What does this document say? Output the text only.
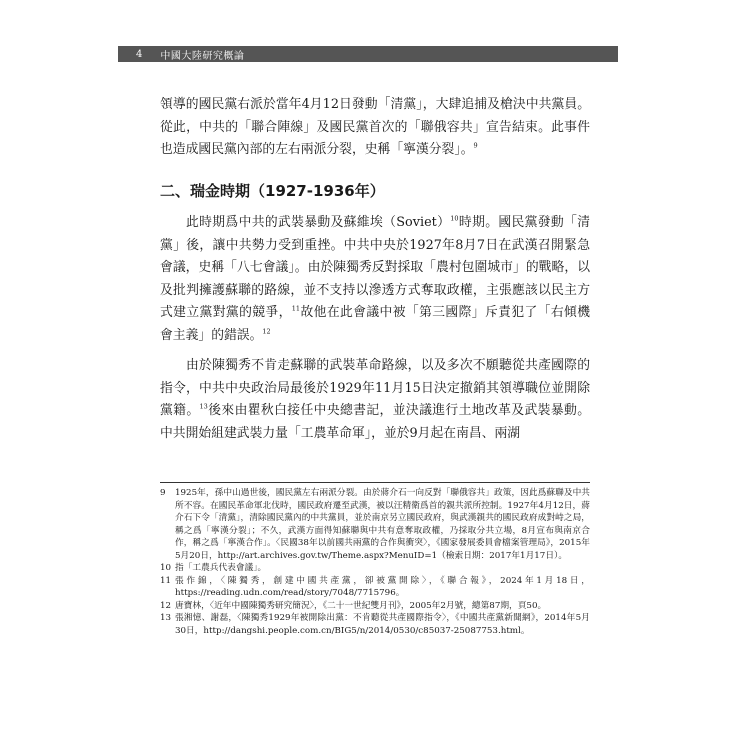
4 中國大陸研究概論

領導的國民黨右派於當年4月12日發動「清黨」，大肆追捕及槍決中共黨員。從此，中共的「聯合陣線」及國民黨首次的「聯俄容共」宣告結束。此事件也造成國民黨內部的左右兩派分裂，史稱「寧漢分裂」。$^9$

二、瑞金時期（1927-1936年）

此時期爲中共的武裝暴動及蘇維埃（Soviet）$^{10}$時期。國民黨發動「清黨」後，讓中共勢力受到重挫。中共中央於1927年8月7日在武漢召開緊急會議，史稱「八七會議」。由於陳獨秀反對採取「農村包圍城市」的戰略，以及批判擁護蘇聯的路線，並不支持以滲透方式奪取政權，主張應該以民主方式建立黨對黨的競爭，$^{11}$故他在此會議中被「第三國際」斥責犯了「右傾機會主義」的錯誤。$^{12}$

由於陳獨秀不肯走蘇聯的武裝革命路線，以及多次不願聽從共產國際的指令，中共中央政治局最後於1929年11月15日決定撤銷其領導職位並開除黨籍。$^{13}$後來由瞿秋白接任中央總書記，並決議進行土地改革及武裝暴動。中共開始組建武裝力量「工農革命軍」，並於9月起在南昌、兩湖

9	1925年，孫中山過世後，國民黨左右兩派分裂。由於蔣介石一向反對「聯俄容共」政策，因此爲蘇聯及中共所不容。在國民革命軍北伐時，國民政府遷至武漢，被以汪精衛爲首的親共派所控制。1927年4月12日，蔣介石下令「清黨」，清除國民黨內的中共黨員，並於南京另立國民政府，與武漢親共的國民政府成對峙之局，稱之爲「寧漢分裂」；不久，武漢方面得知蘇聯與中共有意奪取政權，乃採取分共立場，8月宣布與南京合作，稱之爲「寧漢合作」。〈民國38年以前國共兩黨的合作與衝突〉，《國家發展委員會檔案管理局》，2015年5月20日，http://art.archives.gov.tw/Theme.aspx?MenuID=1（檢索日期：2017年1月17日）。
10 指「工農兵代表會議」。
11 張作錦，〈陳獨秀，創建中國共產黨，卻被黨開除〉，《聯合報》，2024年1月18日，https://reading.udn.com/read/story/7048/7715796。
12 唐寶林，〈近年中國陳獨秀研究簡況〉，《二十一世紀雙月刊》，2005年2月號，總第87期，頁50。
13 張湘憶、謝磊，〈陳獨秀1929年被開除出黨：不肯聽從共產國際指令〉，《中國共產黨新聞網》，2014年5月30日，http://dangshi.people.com.cn/BIG5/n/2014/0530/c85037-25087753.html。
